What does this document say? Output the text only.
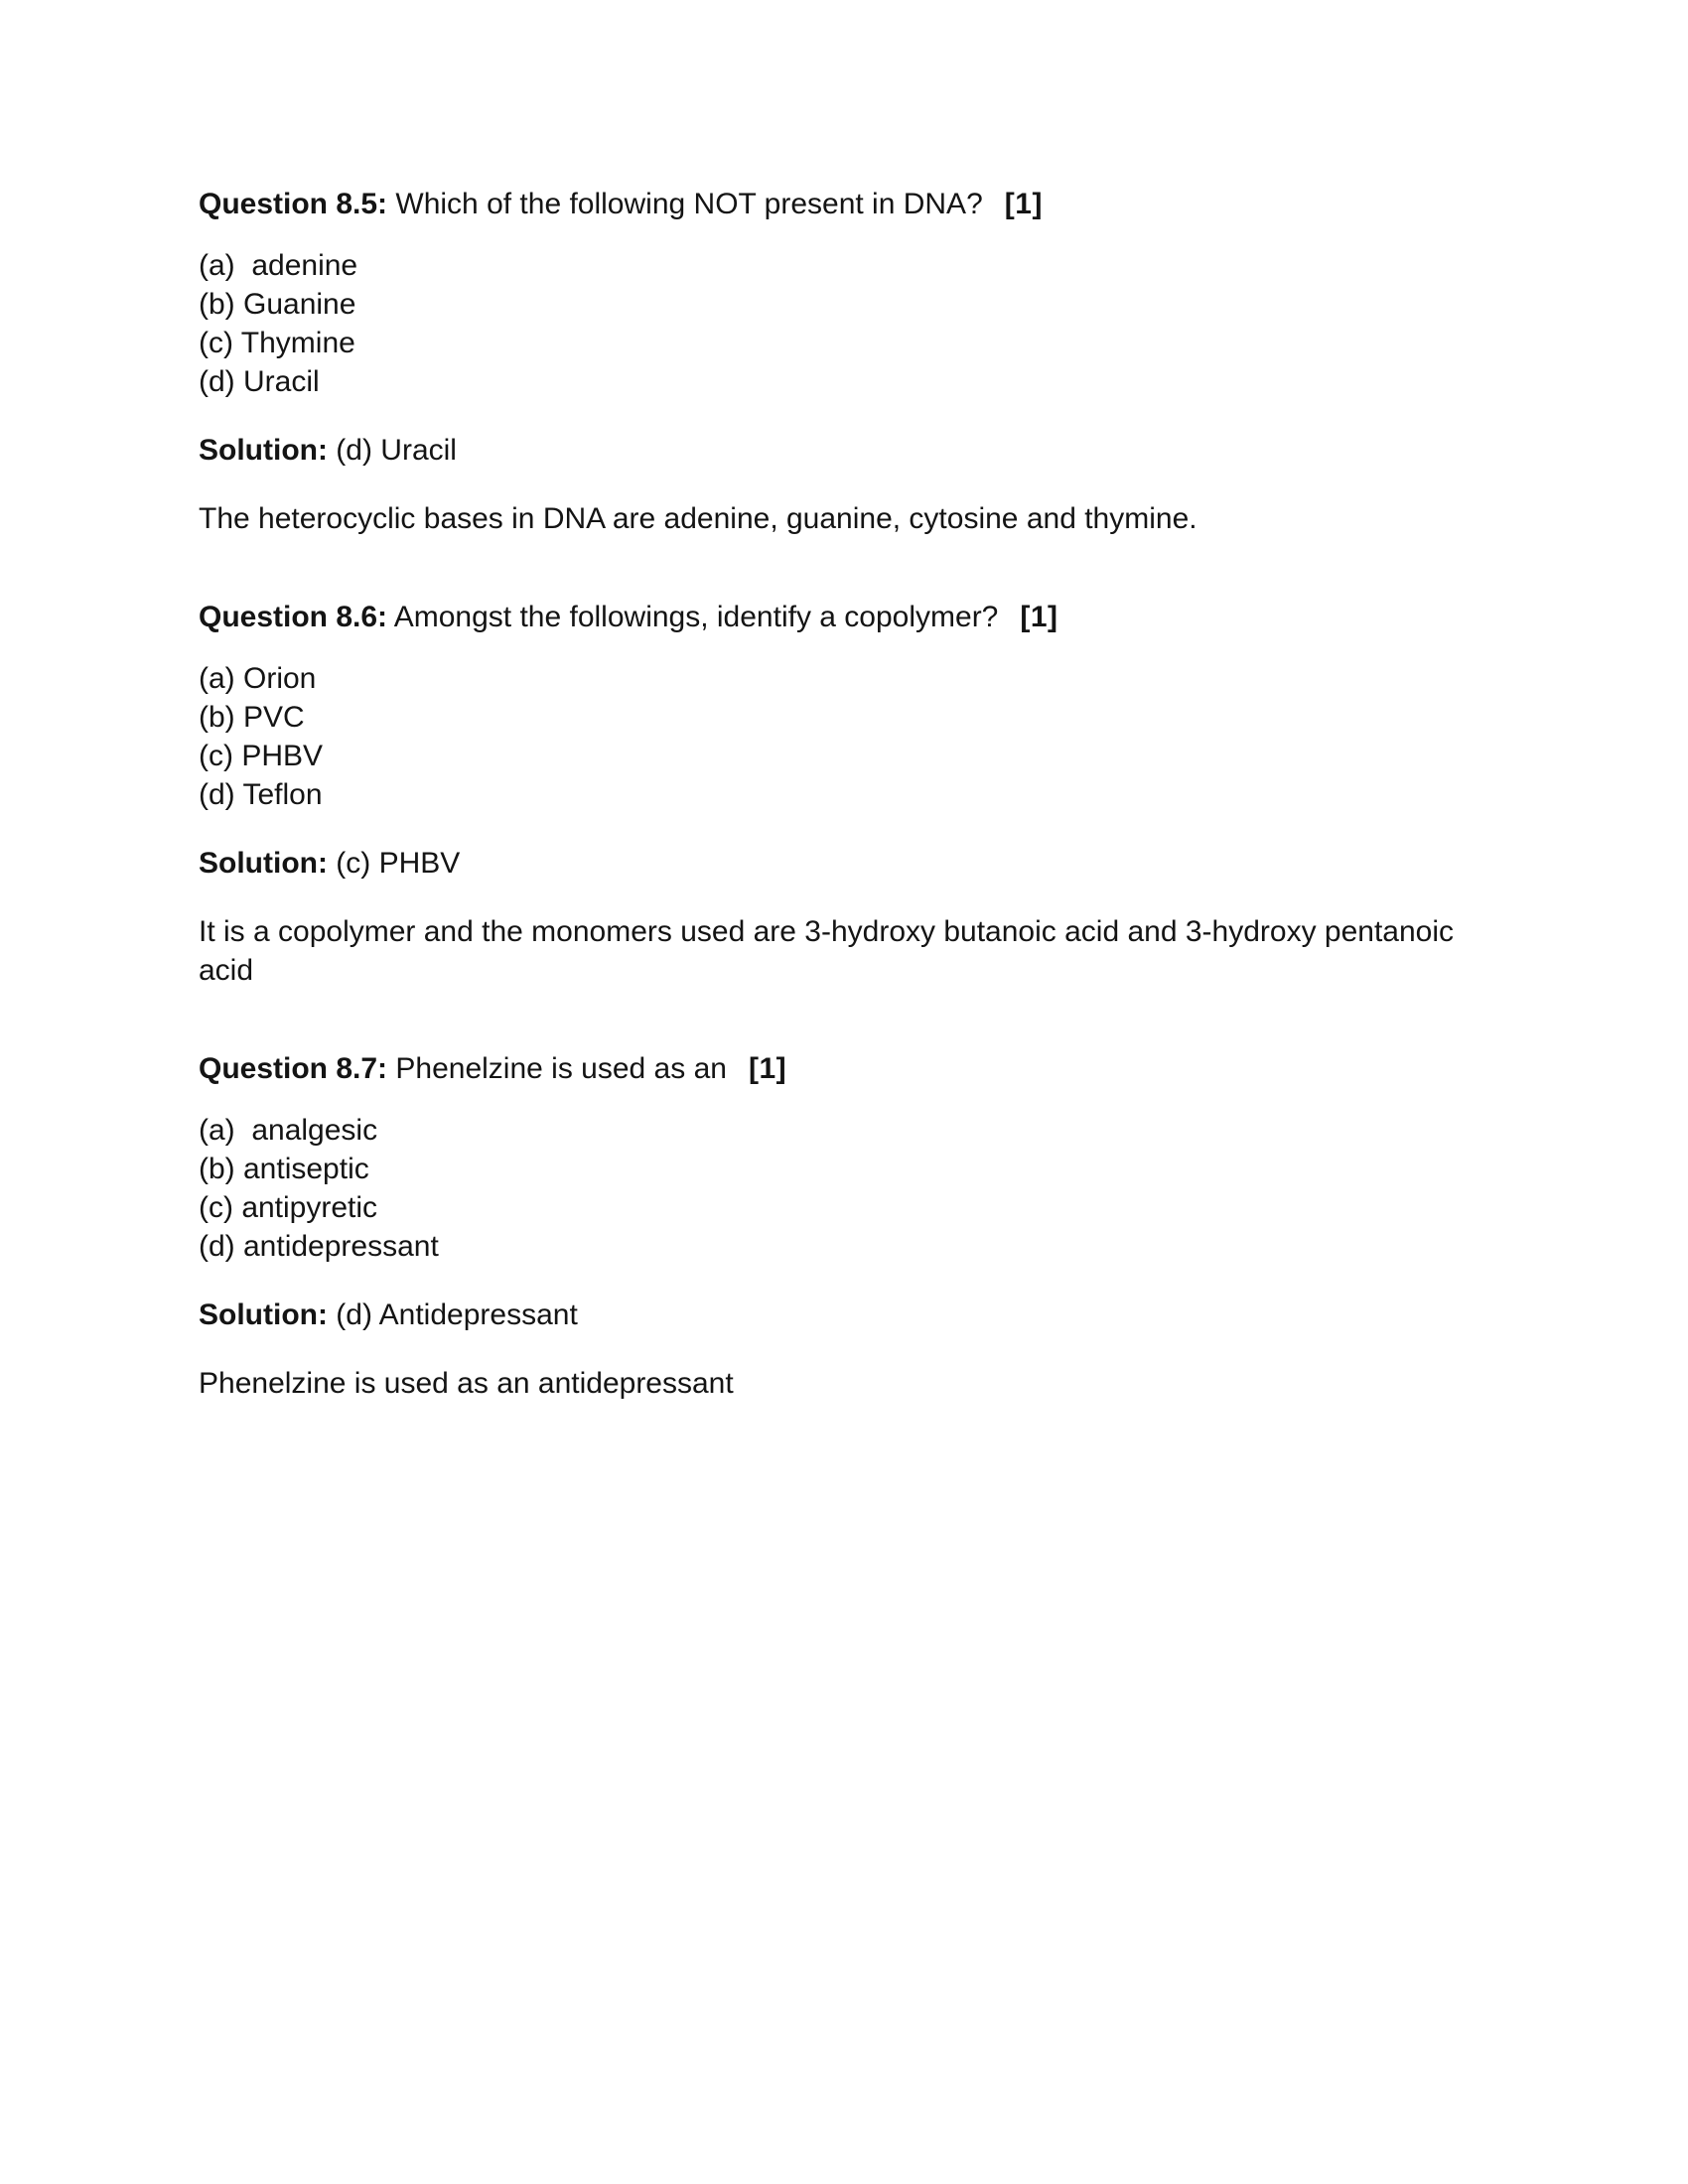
Question 8.5: Which of the following NOT present in DNA? [1]

(a)  adenine
(b) Guanine
(c) Thymine
(d) Uracil

Solution: (d) Uracil

The heterocyclic bases in DNA are adenine, guanine, cytosine and thymine.

Question 8.6: Amongst the followings, identify a copolymer? [1]

(a) Orion
(b) PVC
(c) PHBV
(d) Teflon

Solution: (c) PHBV

It is a copolymer and the monomers used are 3-hydroxy butanoic acid and 3-hydroxy pentanoic acid

Question 8.7: Phenelzine is used as an [1]

(a)  analgesic
(b) antiseptic
(c) antipyretic
(d) antidepressant

Solution: (d) Antidepressant

Phenelzine is used as an antidepressant
